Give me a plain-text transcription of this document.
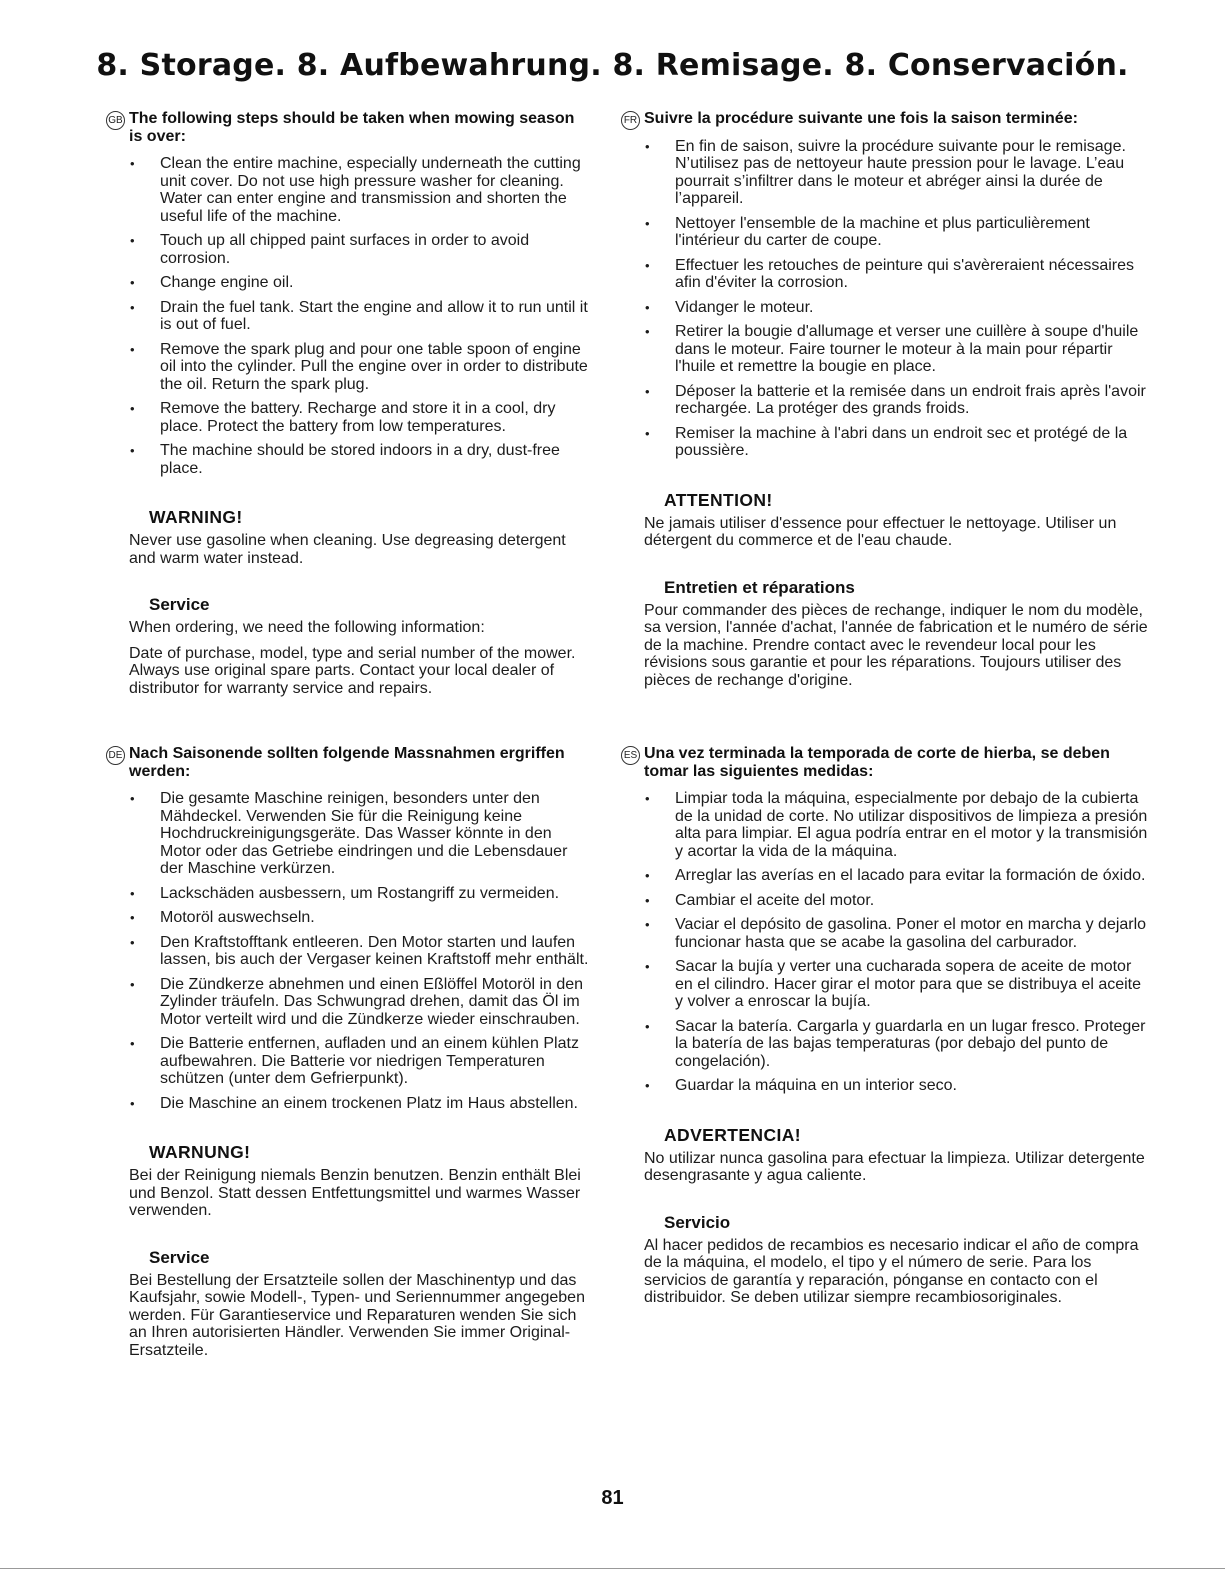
8. Storage. 8. Aufbewahrung. 8. Remisage. 8. Conservación.
GB The following steps should be taken when mowing season is over:
• Clean the entire machine, especially underneath the cutting unit cover. Do not use high pressure washer for cleaning. Water can enter engine and transmission and shorten the useful life of the machine.
• Touch up all chipped paint surfaces in order to avoid corrosion.
• Change engine oil.
• Drain the fuel tank. Start the engine and allow it to run until it is out of fuel.
• Remove the spark plug and pour one table spoon of engine oil into the cylinder. Pull the engine over in order to distribute the oil. Return the spark plug.
• Remove the battery. Recharge and store it in a cool, dry place. Protect the battery from low temperatures.
• The machine should be stored indoors in a dry, dust-free place.
WARNING!
Never use gasoline when cleaning. Use degreasing detergent and warm water instead.
Service

When ordering, we need the following information:

Date of purchase, model, type and serial number of the mower. Always use original spare parts. Contact your local dealer of distributor for warranty service and repairs.

DE Nach Saisonende sollten folgende Massnahmen ergriffen werden:
• Die gesamte Maschine reinigen, besonders unter den Mähdeckel. Verwenden Sie für die Reinigung keine Hochdruckreinigungsgeräte. Das Wasser könnte in den Motor oder das Getriebe eindringen und die Lebensdauer der Maschine verkürzen.
• Lackschäden ausbessern, um Rostangriff zu vermeiden.
• Motoröl auswechseln.
• Den Kraftstofftank entleeren. Den Motor starten und laufen lassen, bis auch der Vergaser keinen Kraftstoff mehr enthält.
• Die Zündkerze abnehmen und einen Eßlöffel Motoröl in den Zylinder träufeln. Das Schwungrad drehen, damit das Öl im Motor verteilt wird und die Zündkerze wieder einschrauben.
• Die Batterie entfernen, aufladen und an einem kühlen Platz aufbewahren. Die Batterie vor niedrigen Temperaturen schützen (unter dem Gefrierpunkt).
• Die Maschine an einem trockenen Platz im Haus abstellen.
WARNUNG!
Bei der Reinigung niemals Benzin benutzen. Benzin enthält Blei und Benzol. Statt dessen Entfettungsmittel und warmes Wasser verwenden.
Service

Bei Bestellung der Ersatzteile sollen der Maschinentyp und das Kaufsjahr, sowie Modell-, Typen- und Seriennummer angegeben werden. Für Garantieservice und Reparaturen wenden Sie sich an Ihren autorisierten Händler. Verwenden Sie immer Original-Ersatzteile.

FR Suivre la procédure suivante une fois la saison terminée:
• En fin de saison, suivre la procédure suivante pour le remisage. N’utilisez pas de nettoyeur haute pression pour le lavage. L’eau pourrait s’infiltrer dans le moteur et abréger ainsi la durée de l’appareil.
• Nettoyer l'ensemble de la machine et plus particulièrement l'intérieur du carter de coupe.
• Effectuer les retouches de peinture qui s'avèreraient nécessaires afin d'éviter la corrosion.
• Vidanger le moteur.
• Retirer la bougie d'allumage et verser une cuillère à soupe d'huile dans le moteur. Faire tourner le moteur à la main pour répartir l'huile et remettre la bougie en place.
• Déposer la batterie et la remisée dans un endroit frais après l'avoir rechargée. La protéger des grands froids.
• Remiser la machine à l'abri dans un endroit sec et protégé de la poussière.
ATTENTION!
Ne jamais utiliser d'essence pour effectuer le nettoyage. Utiliser un détergent du commerce et de l'eau chaude.
Entretien et réparations

Pour commander des pièces de rechange, indiquer le nom du modèle, sa version, l'année d'achat, l'année de fabrication et le numéro de série de la machine. Prendre contact avec le revendeur local pour les révisions sous garantie et pour les réparations. Toujours utiliser des pièces de rechange d'origine.

ES Una vez terminada la temporada de corte de hierba, se deben tomar las siguientes medidas:
• Limpiar toda la máquina, especialmente por debajo de la cubierta de la unidad de corte. No utilizar dispositivos de limpieza a presión alta para limpiar. El agua podría entrar en el motor y la transmisión y acortar la vida de la máquina.
• Arreglar las averías en el lacado para evitar la formación de óxido.
• Cambiar el aceite del motor.
• Vaciar el depósito de gasolina. Poner el motor en marcha y dejarlo funcionar hasta que se acabe la gasolina del carburador.
• Sacar la bujía y verter una cucharada sopera de aceite de motor en el cilindro. Hacer girar el motor para que se distribuya el aceite y volver a enroscar la bujía.
• Sacar la batería. Cargarla y guardarla en un lugar fresco. Proteger la batería de las bajas temperaturas (por debajo del punto de congelación).
• Guardar la máquina en un interior seco.
ADVERTENCIA!
No utilizar nunca gasolina para efectuar la limpieza. Utilizar detergente desengrasante y agua caliente.
Servicio

Al hacer pedidos de recambios es necesario indicar el año de compra de la máquina, el modelo, el tipo y el número de serie. Para los servicios de garantía y reparación, pónganse en contacto con el distribuidor. Se deben utilizar siempre recambiosoriginales.

81
